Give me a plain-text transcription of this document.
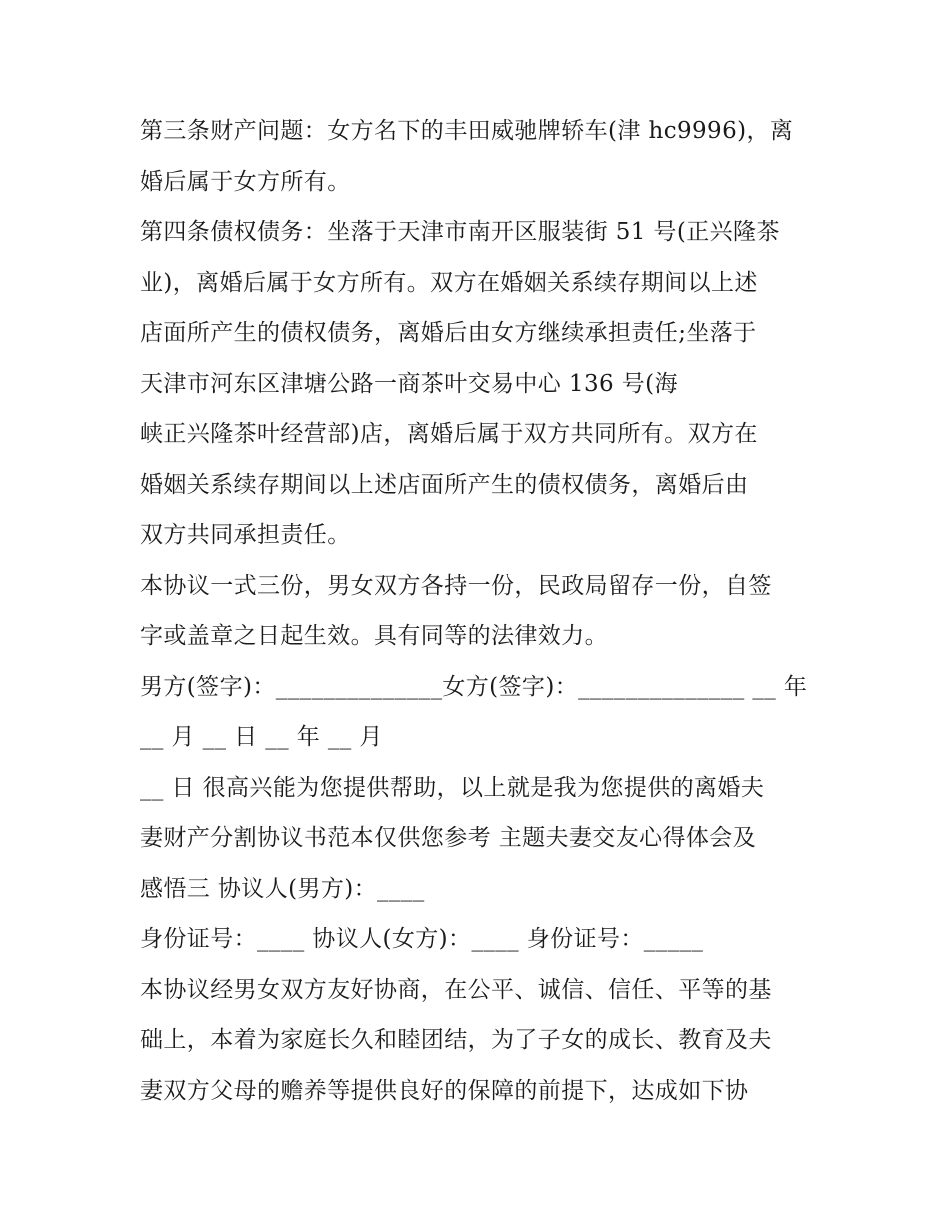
第三条财产问题：女方名下的丰田威驰牌轿车(津 hc9996)，离
婚后属于女方所有。
第四条债权债务：坐落于天津市南开区服装街 51 号(正兴隆茶
业)，离婚后属于女方所有。双方在婚姻关系续存期间以上述
店面所产生的债权债务，离婚后由女方继续承担责任;坐落于
天津市河东区津塘公路一商茶叶交易中心 136 号(海
峡正兴隆茶叶经营部)店，离婚后属于双方共同所有。双方在
婚姻关系续存期间以上述店面所产生的债权债务，离婚后由
双方共同承担责任。
本协议一式三份，男女双方各持一份，民政局留存一份，自签
字或盖章之日起生效。具有同等的法律效力。
男方(签字)：______________女方(签字)：______________ __ 年
__ 月 __ 日 __ 年 __ 月
__ 日 很高兴能为您提供帮助，以上就是我为您提供的离婚夫
妻财产分割协议书范本仅供您参考 主题夫妻交友心得体会及
感悟三 协议人(男方)：____
身份证号：____ 协议人(女方)：____ 身份证号：_____
本协议经男女双方友好协商，在公平、诚信、信任、平等的基
础上，本着为家庭长久和睦团结，为了子女的成长、教育及夫
妻双方父母的赡养等提供良好的保障的前提下，达成如下协
